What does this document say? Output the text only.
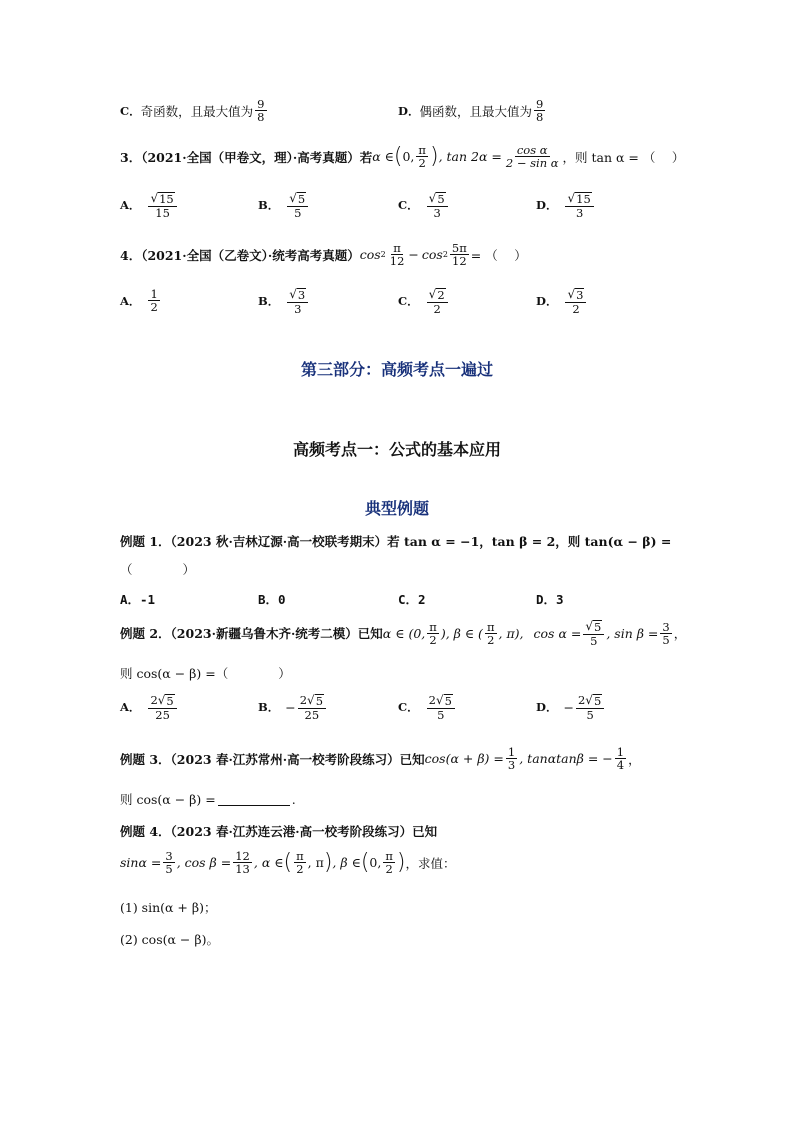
C． 奇函数，且最大值为 $\frac{9}{8}$	D． 偶函数，且最大值为 $\frac{9}{8}$
3．（2021·全国（甲卷文，理）·高考真题）若 α ∈ ( 0, $\frac{\pi}{2}$ ) , $\tan 2\alpha = \frac{\text{cos α}}{\text{2 − sin α}}$ ，则 tan α = （　 ）
A． $\frac{√ 15}{15}$	B． $\frac{√ 5}{5}$	C． $\frac{√ 5}{3}$	D． $\frac{√ 15}{3}$
4．（2021·全国（乙卷文）·统考高考真题） $\cos 2 \frac{\pi}{12} - \cos 2 \frac{5\pi}{12}$ = （　 ）
A． $\frac{1}{2}$	B． $\frac{√ 3}{3}$	C． $\frac{√ 2}{2}$	D． $\frac{√ 3}{2}$
第三部分：高频考点一遍过
高频考点一：公式的基本应用
典型例题
例题 1．（2023 秋·吉林辽源·高一校联考期末）若 tan α = −1，tan β = 2，则 tan(α − β) =
（　　　　）
A．-1	B．0	C．2	D．3
例题 2．（2023·新疆乌鲁木齐·统考二模）已知 α ∈ (0, $\frac{\pi}{2}$ ), β ∈ ( $\frac{\pi}{2}$ , π), $\cos \alpha = \frac{√ 5}{5}$ , $\sin \beta = \frac{3}{5}$ ，
则 cos(α − β) =（　　　　）
A． $\frac{2 √ 5}{25}$	B． − $\frac{2 √ 5}{25}$	C． $\frac{2 √ 5}{5}$	D． − $\frac{2 √ 5}{5}$
例题 3．（2023 春·江苏常州·高一校考阶段练习）已知 $\cos(\alpha + \beta) = \frac{1}{3}$ , tanαtanβ = − $\frac{1}{4}$ ，
则 cos(α − β) =	.
例题 4．（2023 春·江苏连云港·高一校考阶段练习）已知
$\sin\alpha = \frac{3}{5}$ , $\cos \beta = \frac{12}{13}$ , α ∈ ( $\frac{\pi}{2}$ , π ) , β ∈ ( 0, $\frac{\pi}{2}$ ) ，求值：
(1) sin(α + β)；
(2) cos(α − β)。
